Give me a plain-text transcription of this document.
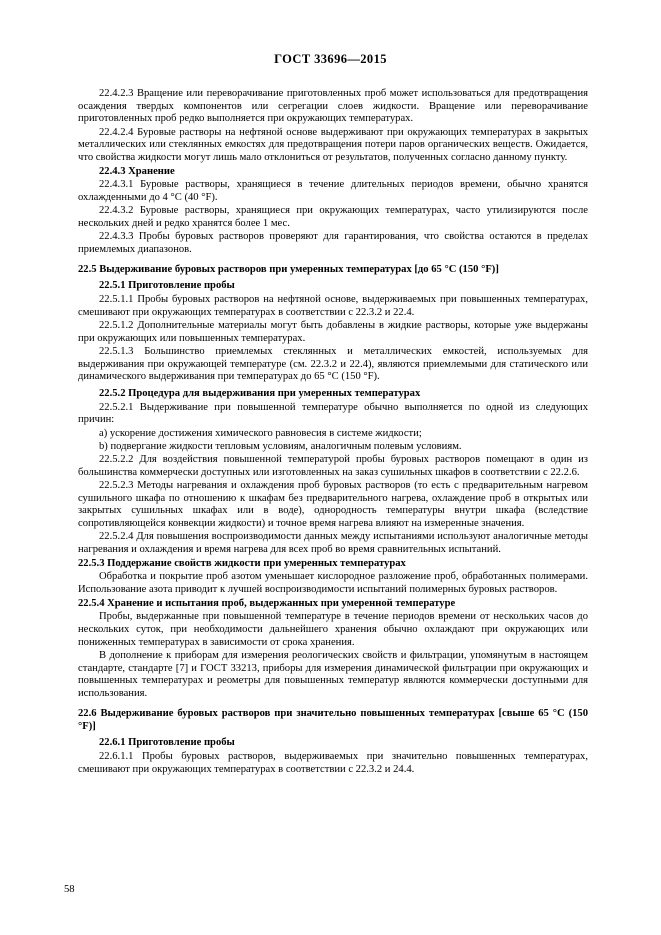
ГОСТ 33696—2015

22.4.2.3 Вращение или переворачивание приготовленных проб может использоваться для предотвращения осаждения твердых компонентов или сегрегации слоев жидкости. Вращение или переворачивание приготовленных проб редко выполняется при окружающих температурах.

22.4.2.4 Буровые растворы на нефтяной основе выдерживают при окружающих температурах в закрытых металлических или стеклянных емкостях для предотвращения потери паров органических веществ. Ожидается, что свойства жидкости могут лишь мало отклониться от результатов, полученных согласно данному пункту.

22.4.3 Хранение

22.4.3.1 Буровые растворы, хранящиеся в течение длительных периодов времени, обычно хранятся охлажденными до 4 °C (40 °F).

22.4.3.2 Буровые растворы, хранящиеся при окружающих температурах, часто утилизируются после нескольких дней и редко хранятся более 1 мес.

22.4.3.3 Пробы буровых растворов проверяют для гарантирования, что свойства остаются в пределах приемлемых диапазонов.

22.5 Выдерживание буровых растворов при умеренных температурах [до 65 °C (150 °F)]

22.5.1 Приготовление пробы

22.5.1.1 Пробы буровых растворов на нефтяной основе, выдерживаемых при повышенных температурах, смешивают при окружающих температурах в соответствии с 22.3.2 и 22.4.

22.5.1.2 Дополнительные материалы могут быть добавлены в жидкие растворы, которые уже выдержаны при окружающих или повышенных температурах.

22.5.1.3 Большинство приемлемых стеклянных и металлических емкостей, используемых для выдерживания при окружающей температуре (см. 22.3.2 и 22.4), являются приемлемыми для статического или динамического выдерживания при температурах до 65 °C (150 °F).

22.5.2 Процедура для выдерживания при умеренных температурах

22.5.2.1 Выдерживание при повышенной температуре обычно выполняется по одной из следующих причин:

a) ускорение достижения химического равновесия в системе жидкости;

b) подвергание жидкости тепловым условиям, аналогичным полевым условиям.

22.5.2.2 Для воздействия повышенной температурой пробы буровых растворов помещают в один из большинства коммерчески доступных или изготовленных на заказ сушильных шкафов в соответствии с 22.2.6.

22.5.2.3 Методы нагревания и охлаждения проб буровых растворов (то есть с предварительным нагревом сушильного шкафа по отношению к шкафам без предварительного нагрева, охлаждение проб в открытых или закрытых сушильных шкафах или в воде), однородность температуры внутри шкафа (вследствие сопротивляющейся конвекции жидкости) и точное время нагрева влияют на измеренные значения.

22.5.2.4 Для повышения воспроизводимости данных между испытаниями используют аналогичные методы нагревания и охлаждения и время нагрева для всех проб во время сравнительных испытаний.

22.5.3 Поддержание свойств жидкости при умеренных температурах

Обработка и покрытие проб азотом уменьшает кислородное разложение проб, обработанных полимерами. Использование азота приводит к лучшей воспроизводимости испытаний полимерных буровых растворов.

22.5.4 Хранение и испытания проб, выдержанных при умеренной температуре

Пробы, выдержанные при повышенной температуре в течение периодов времени от нескольких часов до нескольких суток, при необходимости дальнейшего хранения обычно охлаждают при окружающих или пониженных температурах в зависимости от срока хранения.

В дополнение к приборам для измерения реологических свойств и фильтрации, упомянутым в настоящем стандарте, стандарте [7] и ГОСТ 33213, приборы для измерения динамической фильтрации при окружающих и повышенных температурах и реометры для повышенных температур являются коммерчески доступными для использования.

22.6 Выдерживание буровых растворов при значительно повышенных температурах [свыше 65 °C (150 °F)]

22.6.1 Приготовление пробы

22.6.1.1 Пробы буровых растворов, выдерживаемых при значительно повышенных температурах, смешивают при окружающих температурах в соответствии с 22.3.2 и 24.4.

58
